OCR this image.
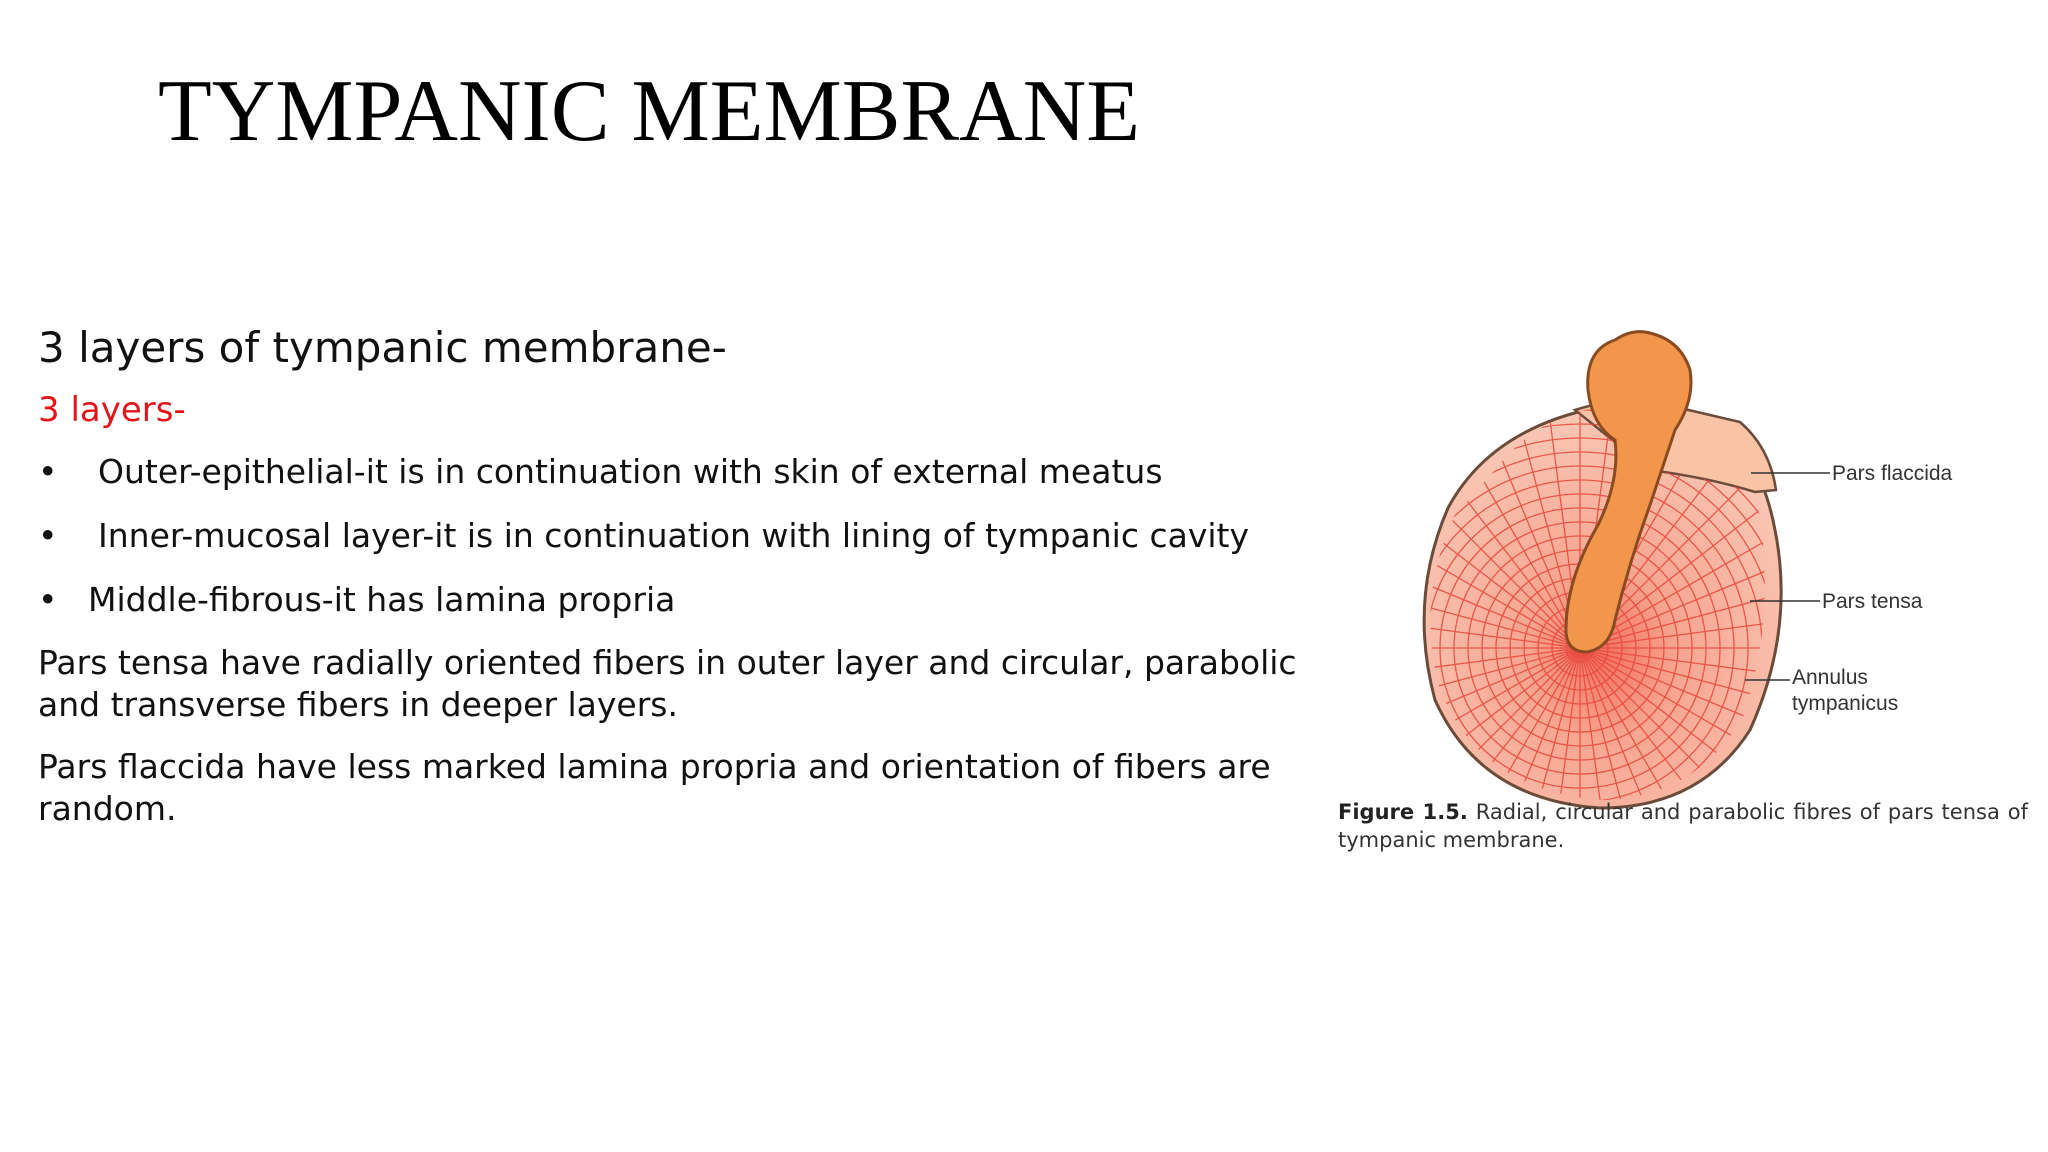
TYMPANIC MEMBRANE

3 layers of tympanic membrane-

3 layers-

•	Outer-epithelial-it is in continuation with skin of external meatus
•	Inner-mucosal layer-it is in continuation with lining of tympanic cavity
• Middle-fibrous-it has lamina propria

Pars tensa have radially oriented fibers in outer layer and circular, parabolic and transverse fibers in deeper layers.

Pars flaccida have less marked lamina propria and orientation of fibers are random.

Pars flaccida
Pars tensa
Annulus
tympanicus
Figure 1.5. Radial, circular and parabolic fibres of pars tensa of tympanic membrane.
